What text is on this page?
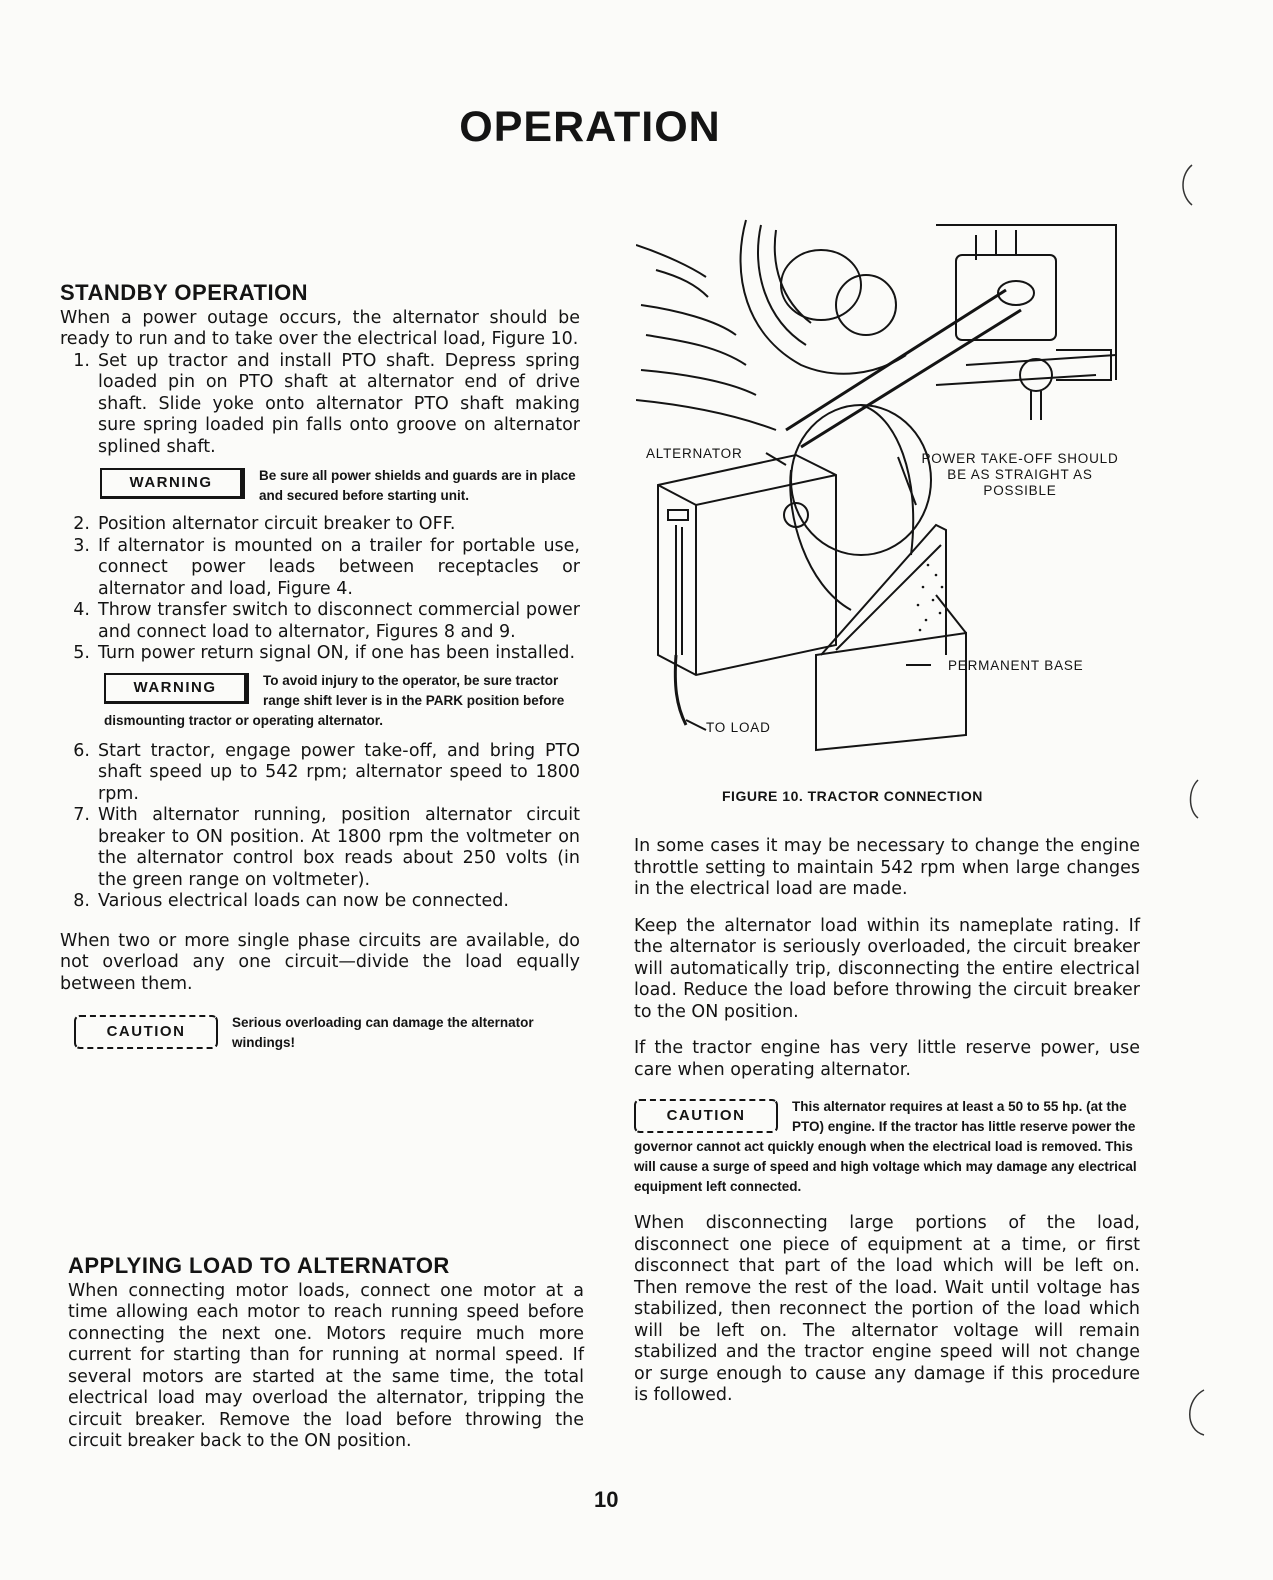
OPERATION
STANDBY OPERATION

When a power outage occurs, the alternator should be ready to run and to take over the electrical load, Figure 10.

1. Set up tractor and install PTO shaft. Depress spring loaded pin on PTO shaft at alternator end of drive shaft. Slide yoke onto alternator PTO shaft making sure spring loaded pin falls onto groove on alternator splined shaft.
WARNING	Be sure all power shields and guards are in place and secured before starting unit.
2. Position alternator circuit breaker to OFF.
3. If alternator is mounted on a trailer for portable use, connect power leads between receptacles or alternator and load, Figure 4.
4. Throw transfer switch to disconnect commercial power and connect load to alternator, Figures 8 and 9.
5. Turn power return signal ON, if one has been installed.
WARNING	To avoid injury to the operator, be sure tractor range shift lever is in the PARK position before dismounting tractor or operating alternator.
6. Start tractor, engage power take-off, and bring PTO shaft speed up to 542 rpm; alternator speed to 1800 rpm.
7. With alternator running, position alternator circuit breaker to ON position. At 1800 rpm the voltmeter on the alternator control box reads about 250 volts (in the green range on voltmeter).
8. Various electrical loads can now be connected.

When two or more single phase circuits are available, do not overload any one circuit—divide the load equally between them.

CAUTION
Serious overloading can damage the alternator windings!
APPLYING LOAD TO ALTERNATOR

When connecting motor loads, connect one motor at a time allowing each motor to reach running speed before connecting the next one. Motors require much more current for starting than for running at normal speed. If several motors are started at the same time, the total electrical load may overload the alternator, tripping the circuit breaker. Remove the load before throwing the circuit breaker back to the ON position.

ALTERNATOR	POWER TAKE-OFF SHOULD BE AS STRAIGHT AS POSSIBLE
PERMANENT BASE
TO LOAD
FIGURE 10. TRACTOR CONNECTION

In some cases it may be necessary to change the engine throttle setting to maintain 542 rpm when large changes in the electrical load are made.

Keep the alternator load within its nameplate rating. If the alternator is seriously overloaded, the circuit breaker will automatically trip, disconnecting the entire electrical load. Reduce the load before throwing the circuit breaker to the ON position.

If the tractor engine has very little reserve power, use care when operating alternator.

CAUTION
This alternator requires at least a 50 to 55 hp. (at the PTO) engine. If the tractor has little reserve power the governor cannot act quickly enough when the electrical load is removed. This will cause a surge of speed and high voltage which may damage any electrical equipment left connected.

When disconnecting large portions of the load, disconnect one piece of equipment at a time, or first disconnect that part of the load which will be left on. Then remove the rest of the load. Wait until voltage has stabilized, then reconnect the portion of the load which will be left on. The alternator voltage will remain stabilized and the tractor engine speed will not change or surge enough to cause any damage if this procedure is followed.

10
